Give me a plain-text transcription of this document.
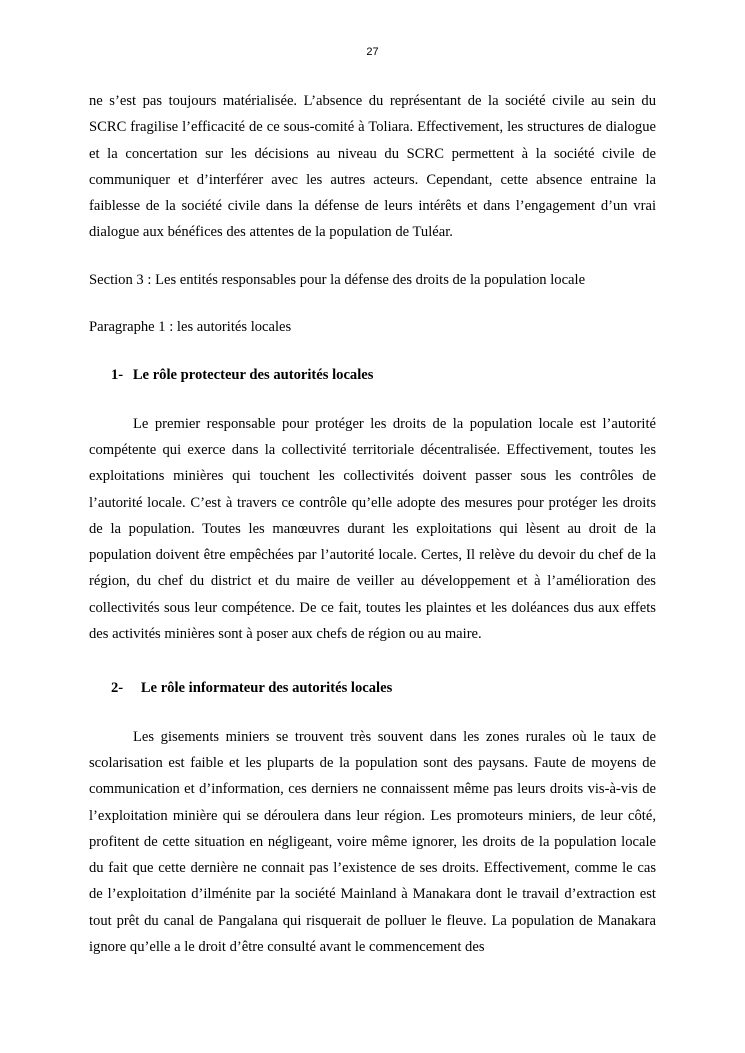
27

ne s’est pas toujours matérialisée. L’absence du représentant de la société civile au sein du SCRC fragilise l’efficacité de ce sous-comité à Toliara. Effectivement, les structures de dialogue et la concertation sur les décisions au niveau du SCRC permettent à la société civile de communiquer et d’interférer avec les autres acteurs. Cependant, cette absence entraine la faiblesse de la société civile dans la défense de leurs intérêts et dans l’engagement d’un vrai dialogue aux bénéfices des attentes de la population de Tuléar.

Section 3 : Les entités responsables pour la défense des droits de la population locale
Paragraphe 1 : les autorités locales
1- Le rôle protecteur des autorités locales

Le premier responsable pour protéger les droits de la population locale est l’autorité compétente qui exerce dans la collectivité territoriale décentralisée. Effectivement, toutes les exploitations minières qui touchent les collectivités doivent passer sous les contrôles de l’autorité locale. C’est à travers ce contrôle qu’elle adopte des mesures pour protéger les droits de la population. Toutes les manœuvres durant les exploitations qui lèsent au droit de la population doivent être empêchées par l’autorité locale. Certes, Il relève du devoir du chef de la région, du chef du district et du maire de veiller au développement et à l’amélioration des collectivités sous leur compétence. De ce fait, toutes les plaintes et les doléances dus aux effets des activités minières sont à poser aux chefs de région ou au maire.

2- Le rôle informateur des autorités locales

Les gisements miniers se trouvent très souvent dans les zones rurales où le taux de scolarisation est faible et les pluparts de la population sont des paysans. Faute de moyens de communication et d’information, ces derniers ne connaissent même pas leurs droits vis-à-vis de l’exploitation minière qui se déroulera dans leur région. Les promoteurs miniers, de leur côté, profitent de cette situation en négligeant, voire même ignorer, les droits de la population locale du fait que cette dernière ne connait pas l’existence de ses droits. Effectivement, comme le cas de l’exploitation d’ilménite par la société Mainland à Manakara dont le travail d’extraction est tout prêt du canal de Pangalana qui risquerait de polluer le fleuve. La population de Manakara ignore qu’elle a le droit d’être consulté avant le commencement des
